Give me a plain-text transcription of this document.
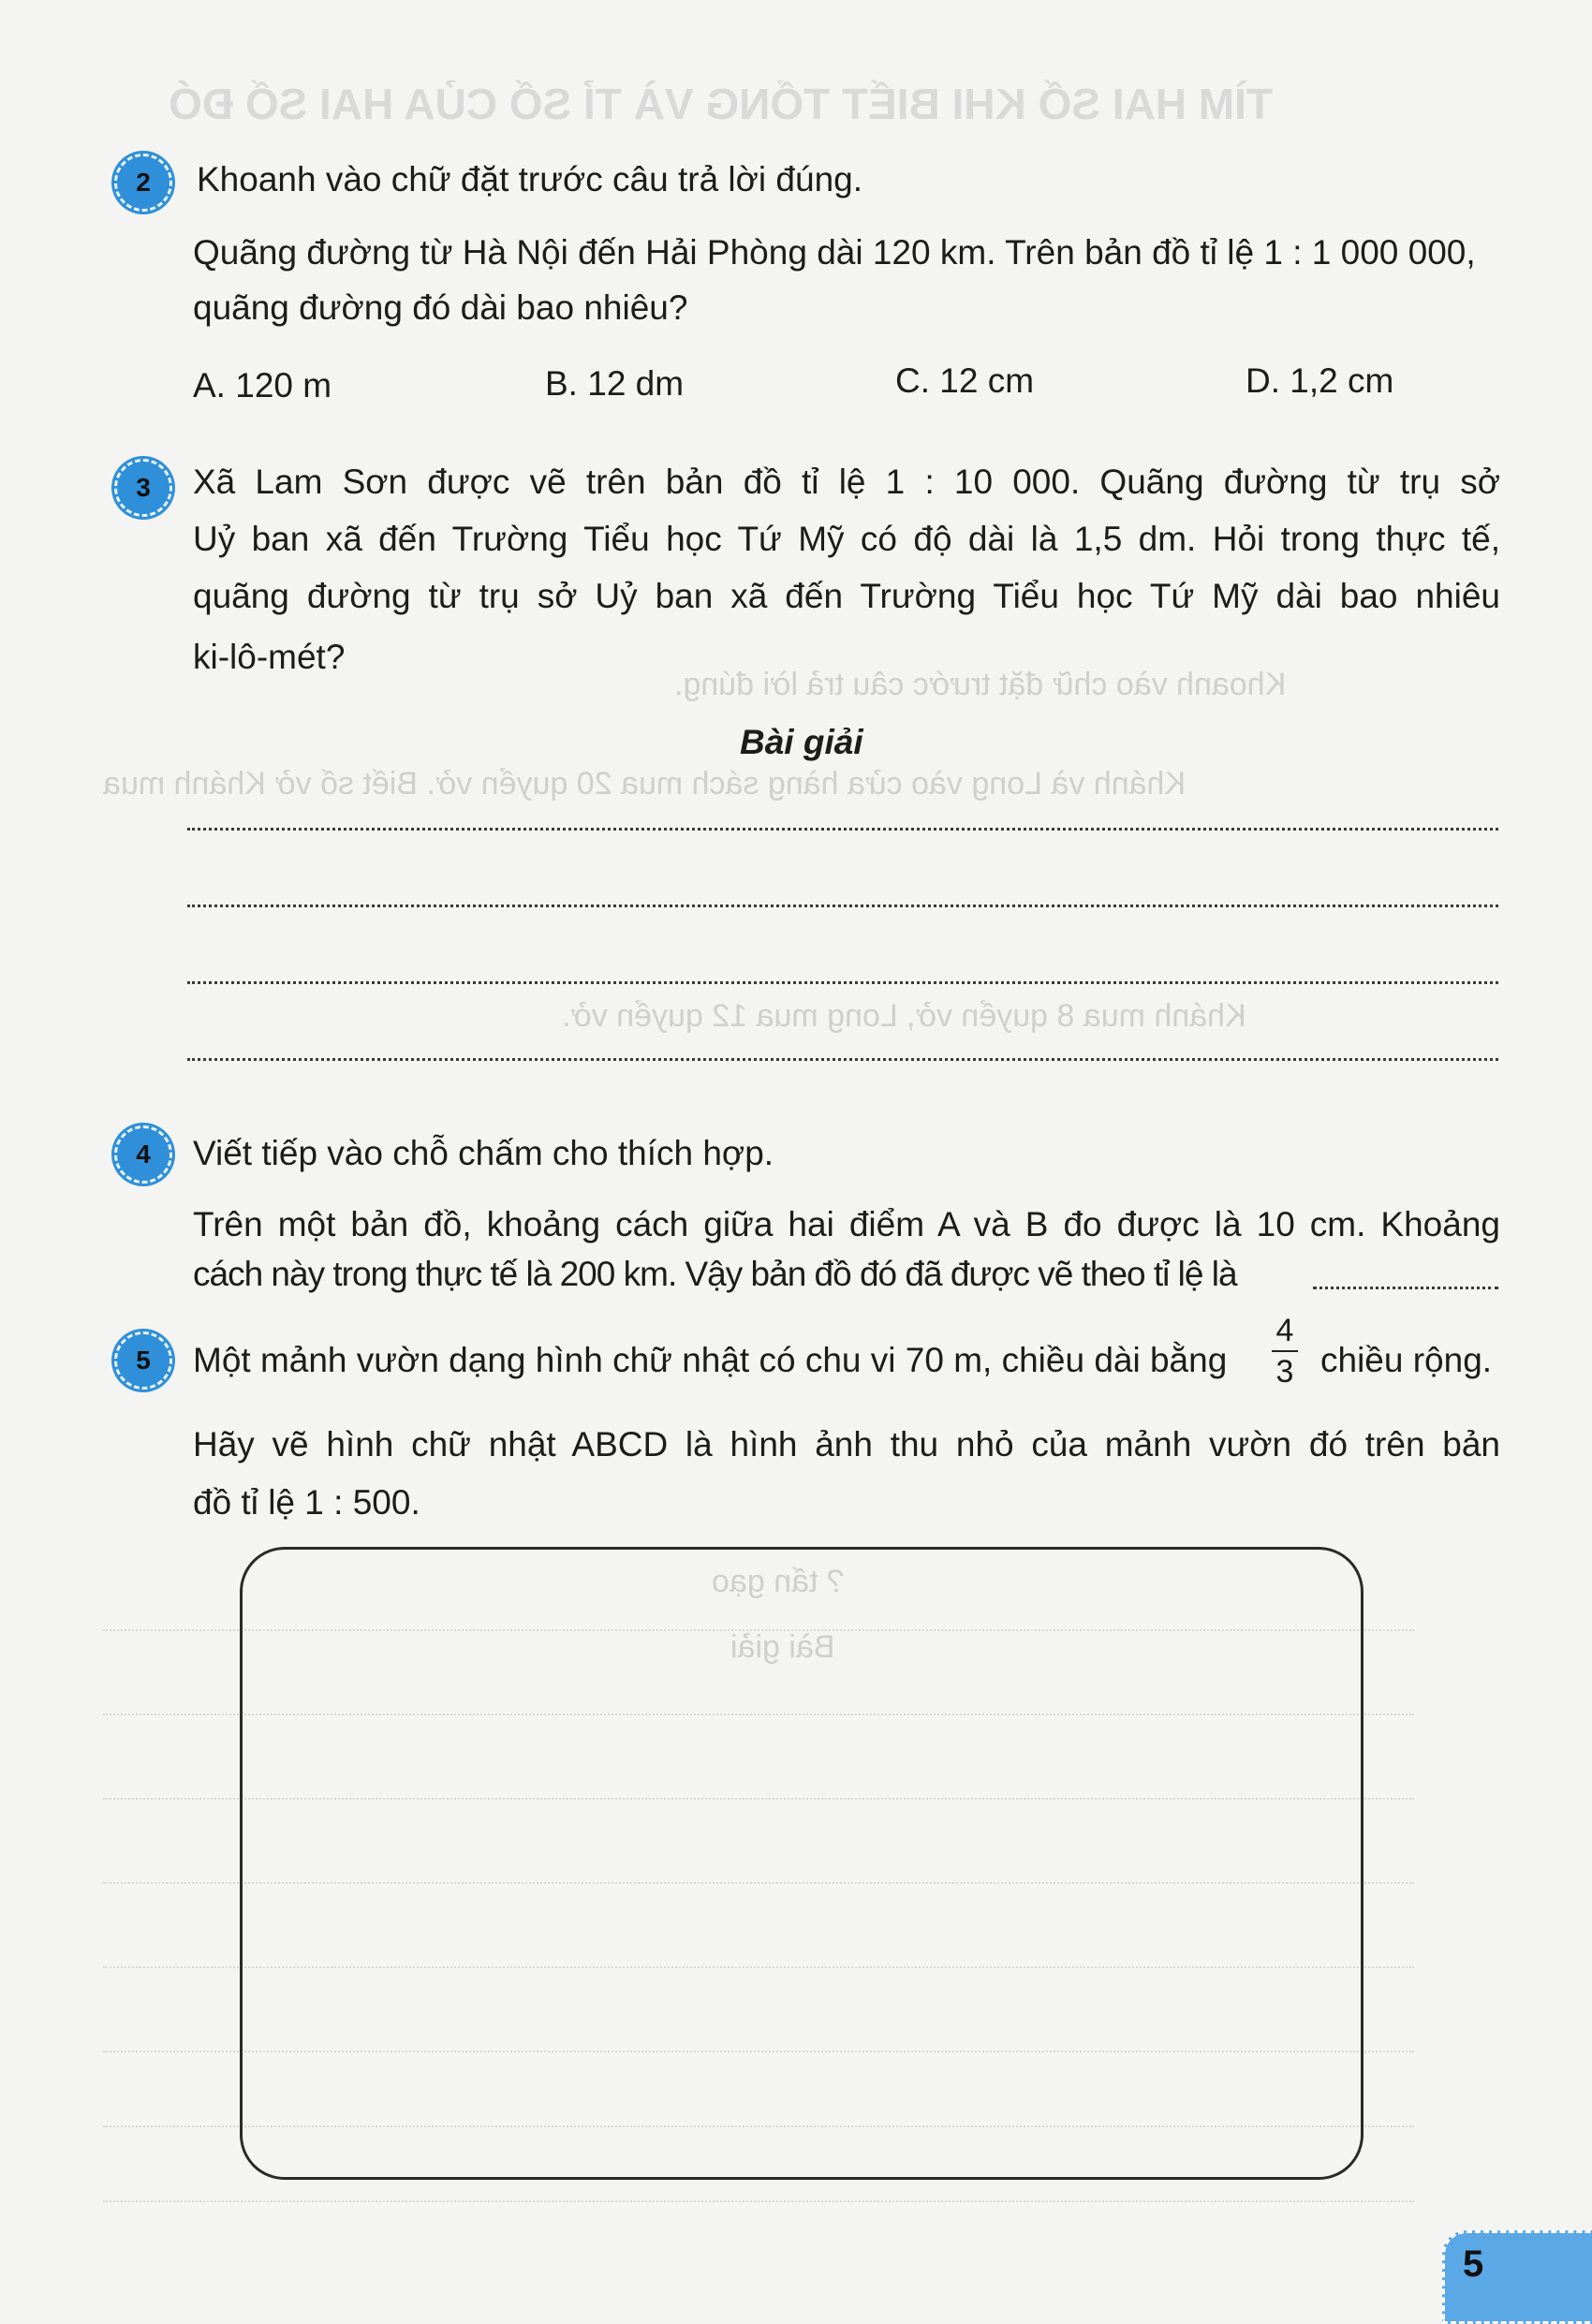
TÌM HAI SỐ KHI BIẾT TỔNG VÀ TỈ SỐ CỦA HAI SỐ ĐÓ
Khoanh vào chữ đặt trước câu trả lời đúng.
Khánh và Long vào cửa hàng sách mua 20 quyển vở. Biết số vở Khánh mua
Khánh mua 8 quyển vở, Long mua 12 quyển vở.
? tấn gạo
Bài giải
2	Khoanh vào chữ đặt trước câu trả lời đúng.
Quãng đường từ Hà Nội đến Hải Phòng dài 120 km. Trên bản đồ tỉ lệ 1 : 1 000 000,
quãng đường đó dài bao nhiêu?
A. 120 m	B. 12 dm	C. 12 cm	D. 1,2 cm
3	Xã Lam Sơn được vẽ trên bản đồ tỉ lệ 1 : 10 000. Quãng đường từ trụ sở
Uỷ ban xã đến Trường Tiểu học Tứ Mỹ có độ dài là 1,5 dm. Hỏi trong thực tế,
quãng đường từ trụ sở Uỷ ban xã đến Trường Tiểu học Tứ Mỹ dài bao nhiêu
ki-lô-mét?
Bài giải
4	Viết tiếp vào chỗ chấm cho thích hợp.
Trên một bản đồ, khoảng cách giữa hai điểm A và B đo được là 10 cm. Khoảng
cách này trong thực tế là 200 km. Vậy bản đồ đó đã được vẽ theo tỉ lệ là
5	Một mảnh vườn dạng hình chữ nhật có chu vi 70 m, chiều dài bằng
4
3 chiều rộng.
Hãy vẽ hình chữ nhật ABCD là hình ảnh thu nhỏ của mảnh vườn đó trên bản
đồ tỉ lệ 1 : 500.
5
